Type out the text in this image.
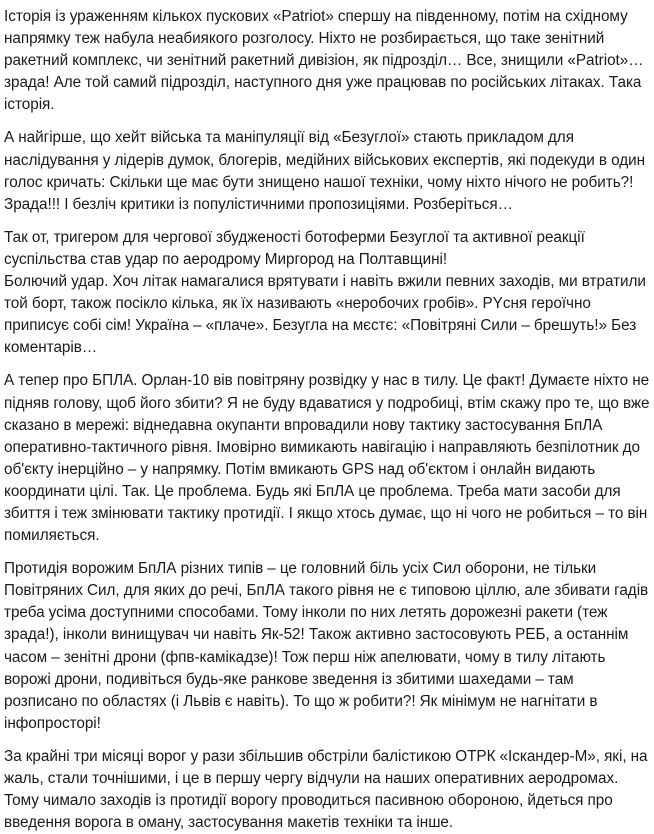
Історія із ураженням кількох пускових «Patriot» спершу на південному, потім на східному напрямку теж набула неабиякого розголосу. Ніхто не розбирається, що таке зенітний ракетний комплекс, чи зенітний ракетний дивізіон, як підрозділ… Все, знищили «Patriot»… зрада! Але той самий підрозділ, наступного дня уже працював по російських літаках. Така історія.

А найгірше, що хейт війська та маніпуляції від «Безуглої» стають прикладом для наслідування у лідерів думок, блогерів, медійних військових експертів, які подекуди в один голос кричать: Скільки ще має бути знищено нашої техніки, чому ніхто нічого не робить?! Зрада!!! І безліч критики із популістичними пропозиціями. Розберіться…

Так от, тригером для чергової збудженості ботоферми Безуглої та активної реакції суспільства став удар по аеродрому Миргород на Полтавщині!
Болючий удар. Хоч літак намагалися врятувати і навіть вжили певних заходів, ми втратили той борт, також посікло кілька, як їх називають «неробочих гробів». РYсня героїчно приписує собі сім! Україна – «плаче». Безугла на мєстє: «Повітряні Сили – брешуть!» Без коментарів…

А тепер про БПЛА. Орлан-10 вів повітряну розвідку у нас в тилу. Це факт! Думаєте ніхто не підняв голову, щоб його збити? Я не буду вдаватися у подробиці, втім скажу про те, що вже сказано в мережі: віднедавна окупанти впровадили нову тактику застосування БпЛА оперативно-тактичного рівня. Імовірно вимикають навігацію і направляють безпілотник до об'єкту інерційно – у напрямку. Потім вмикають GPS над об'єктом і онлайн видають координати цілі. Так. Це проблема. Будь які БпЛА це проблема. Треба мати засоби для збиття і теж змінювати тактику протидії. І якщо хтось думає, що ні чого не робиться – то він помиляється.

Протидія ворожим БпЛА різних типів – це головний біль усіх Сил оборони, не тільки Повітряних Сил, для яких до речі, БпЛА такого рівня не є типовою ціллю, але збивати гадів треба усіма доступними способами. Тому інколи по них летять дорожезні ракети (теж зрада!), інколи винищувач чи навіть Як-52! Також активно застосовують РЕБ, а останнім часом – зенітні дрони (фпв-камікадзе)! Тож перш ніж апелювати, чому в тилу літають ворожі дрони, подивіться будь-яке ранкове зведення із збитими шахедами – там розписано по областях (і Львів є навіть). То що ж робити?! Як мінімум не нагнітати в інфопросторі!

За крайні три місяці ворог у рази збільшив обстріли балістикою ОТРК «Іскандер-М», які, на жаль, стали точнішими, і це в першу чергу відчули на наших оперативних аеродромах. Тому чимало заходів із протидії ворогу проводиться пасивною обороною, йдеться про введення ворога в оману, застосування макетів техніки та інше.
